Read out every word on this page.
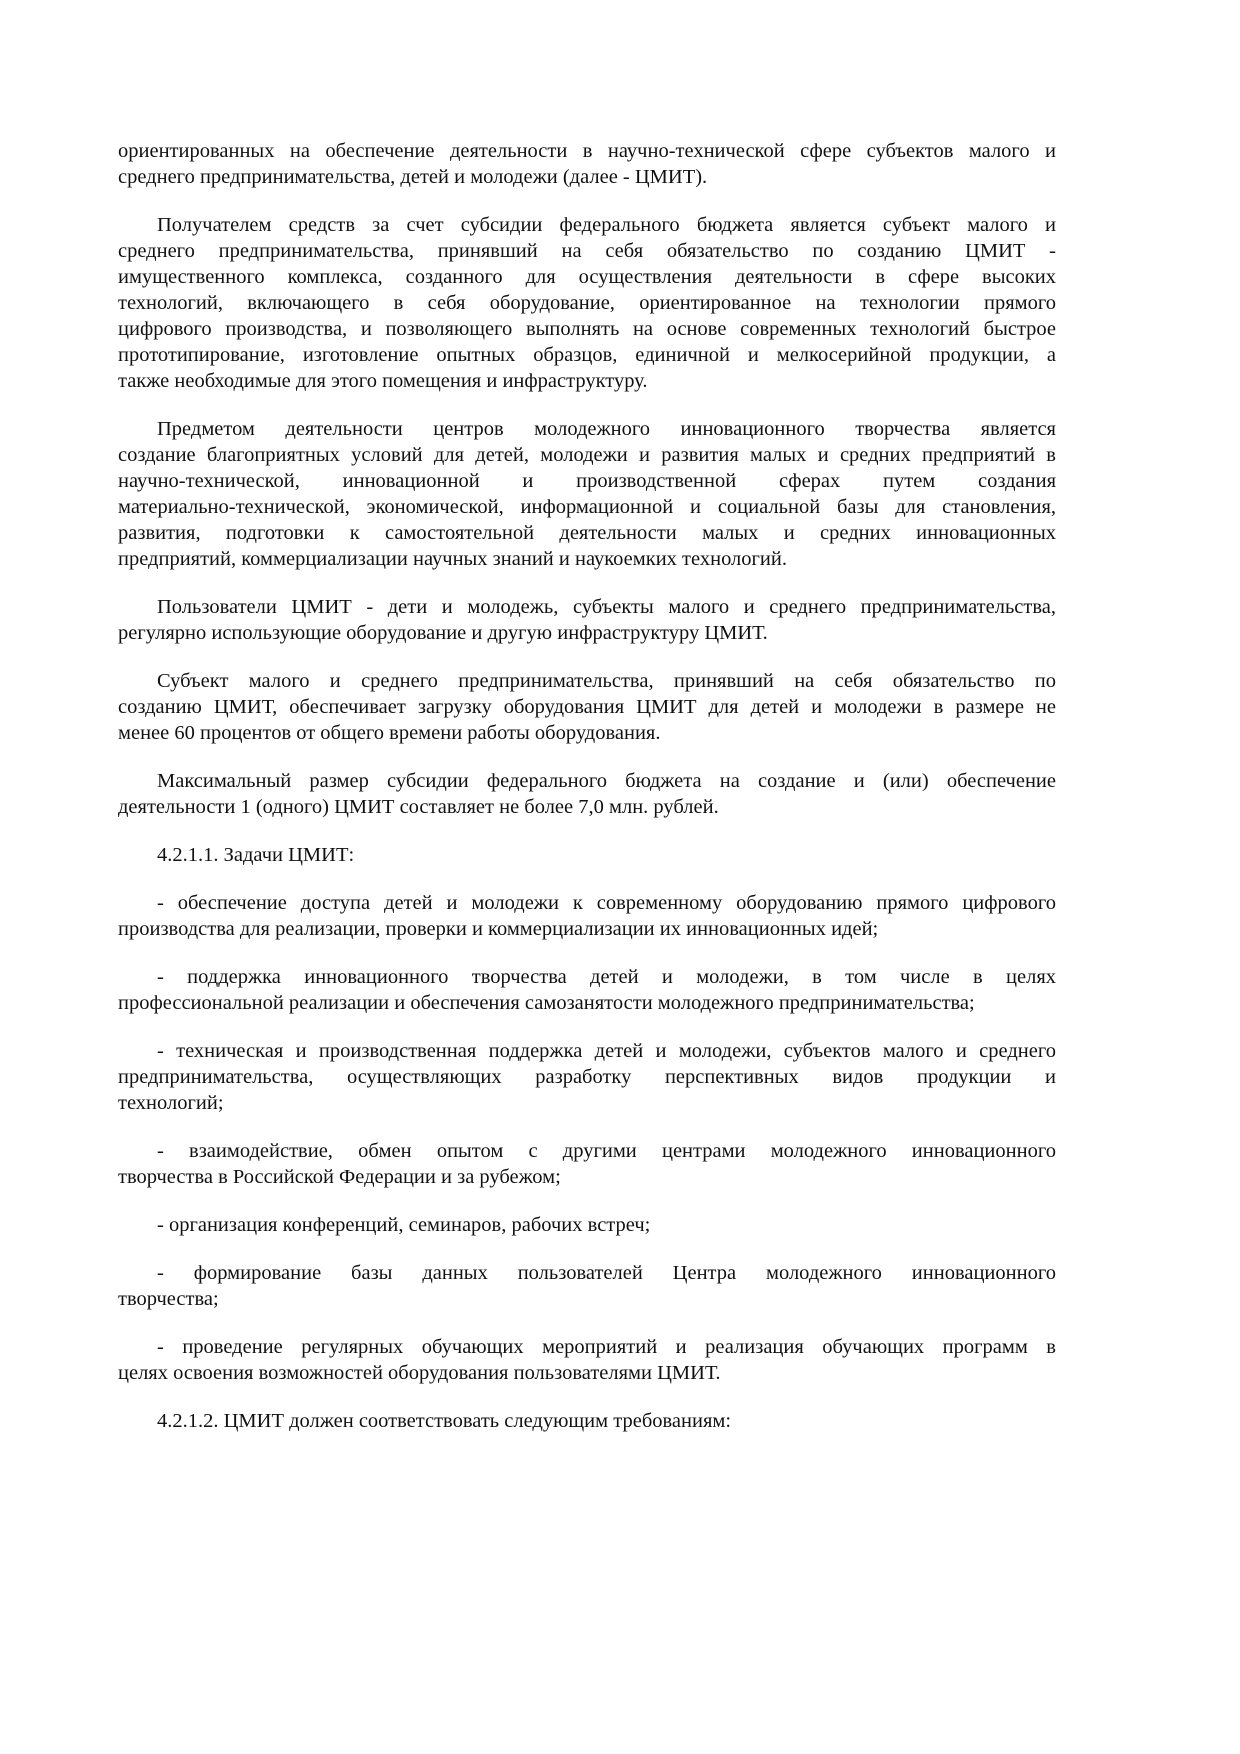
ориентированных на обеспечение деятельности в научно-технической сфере субъектов малого и
среднего предпринимательства, детей и молодежи (далее - ЦМИТ).
Получателем средств за счет субсидии федерального бюджета является субъект малого и
среднего предпринимательства, принявший на себя обязательство по созданию ЦМИТ -
имущественного комплекса, созданного для осуществления деятельности в сфере высоких
технологий, включающего в себя оборудование, ориентированное на технологии прямого
цифрового производства, и позволяющего выполнять на основе современных технологий быстрое
прототипирование, изготовление опытных образцов, единичной и мелкосерийной продукции, а
также необходимые для этого помещения и инфраструктуру.
Предметом деятельности центров молодежного инновационного творчества является
создание благоприятных условий для детей, молодежи и развития малых и средних предприятий в
научно-технической, инновационной и производственной сферах путем создания
материально-технической, экономической, информационной и социальной базы для становления,
развития, подготовки к самостоятельной деятельности малых и средних инновационных
предприятий, коммерциализации научных знаний и наукоемких технологий.
Пользователи ЦМИТ - дети и молодежь, субъекты малого и среднего предпринимательства,
регулярно использующие оборудование и другую инфраструктуру ЦМИТ.
Субъект малого и среднего предпринимательства, принявший на себя обязательство по
созданию ЦМИТ, обеспечивает загрузку оборудования ЦМИТ для детей и молодежи в размере не
менее 60 процентов от общего времени работы оборудования.
Максимальный размер субсидии федерального бюджета на создание и (или) обеспечение
деятельности 1 (одного) ЦМИТ составляет не более 7,0 млн. рублей.
4.2.1.1. Задачи ЦМИТ:
- обеспечение доступа детей и молодежи к современному оборудованию прямого цифрового
производства для реализации, проверки и коммерциализации их инновационных идей;
- поддержка инновационного творчества детей и молодежи, в том числе в целях
профессиональной реализации и обеспечения самозанятости молодежного предпринимательства;
- техническая и производственная поддержка детей и молодежи, субъектов малого и среднего
предпринимательства, осуществляющих разработку перспективных видов продукции и
технологий;
- взаимодействие, обмен опытом с другими центрами молодежного инновационного
творчества в Российской Федерации и за рубежом;
- организация конференций, семинаров, рабочих встреч;
- формирование базы данных пользователей Центра молодежного инновационного
творчества;
- проведение регулярных обучающих мероприятий и реализация обучающих программ в
целях освоения возможностей оборудования пользователями ЦМИТ.
4.2.1.2. ЦМИТ должен соответствовать следующим требованиям:
